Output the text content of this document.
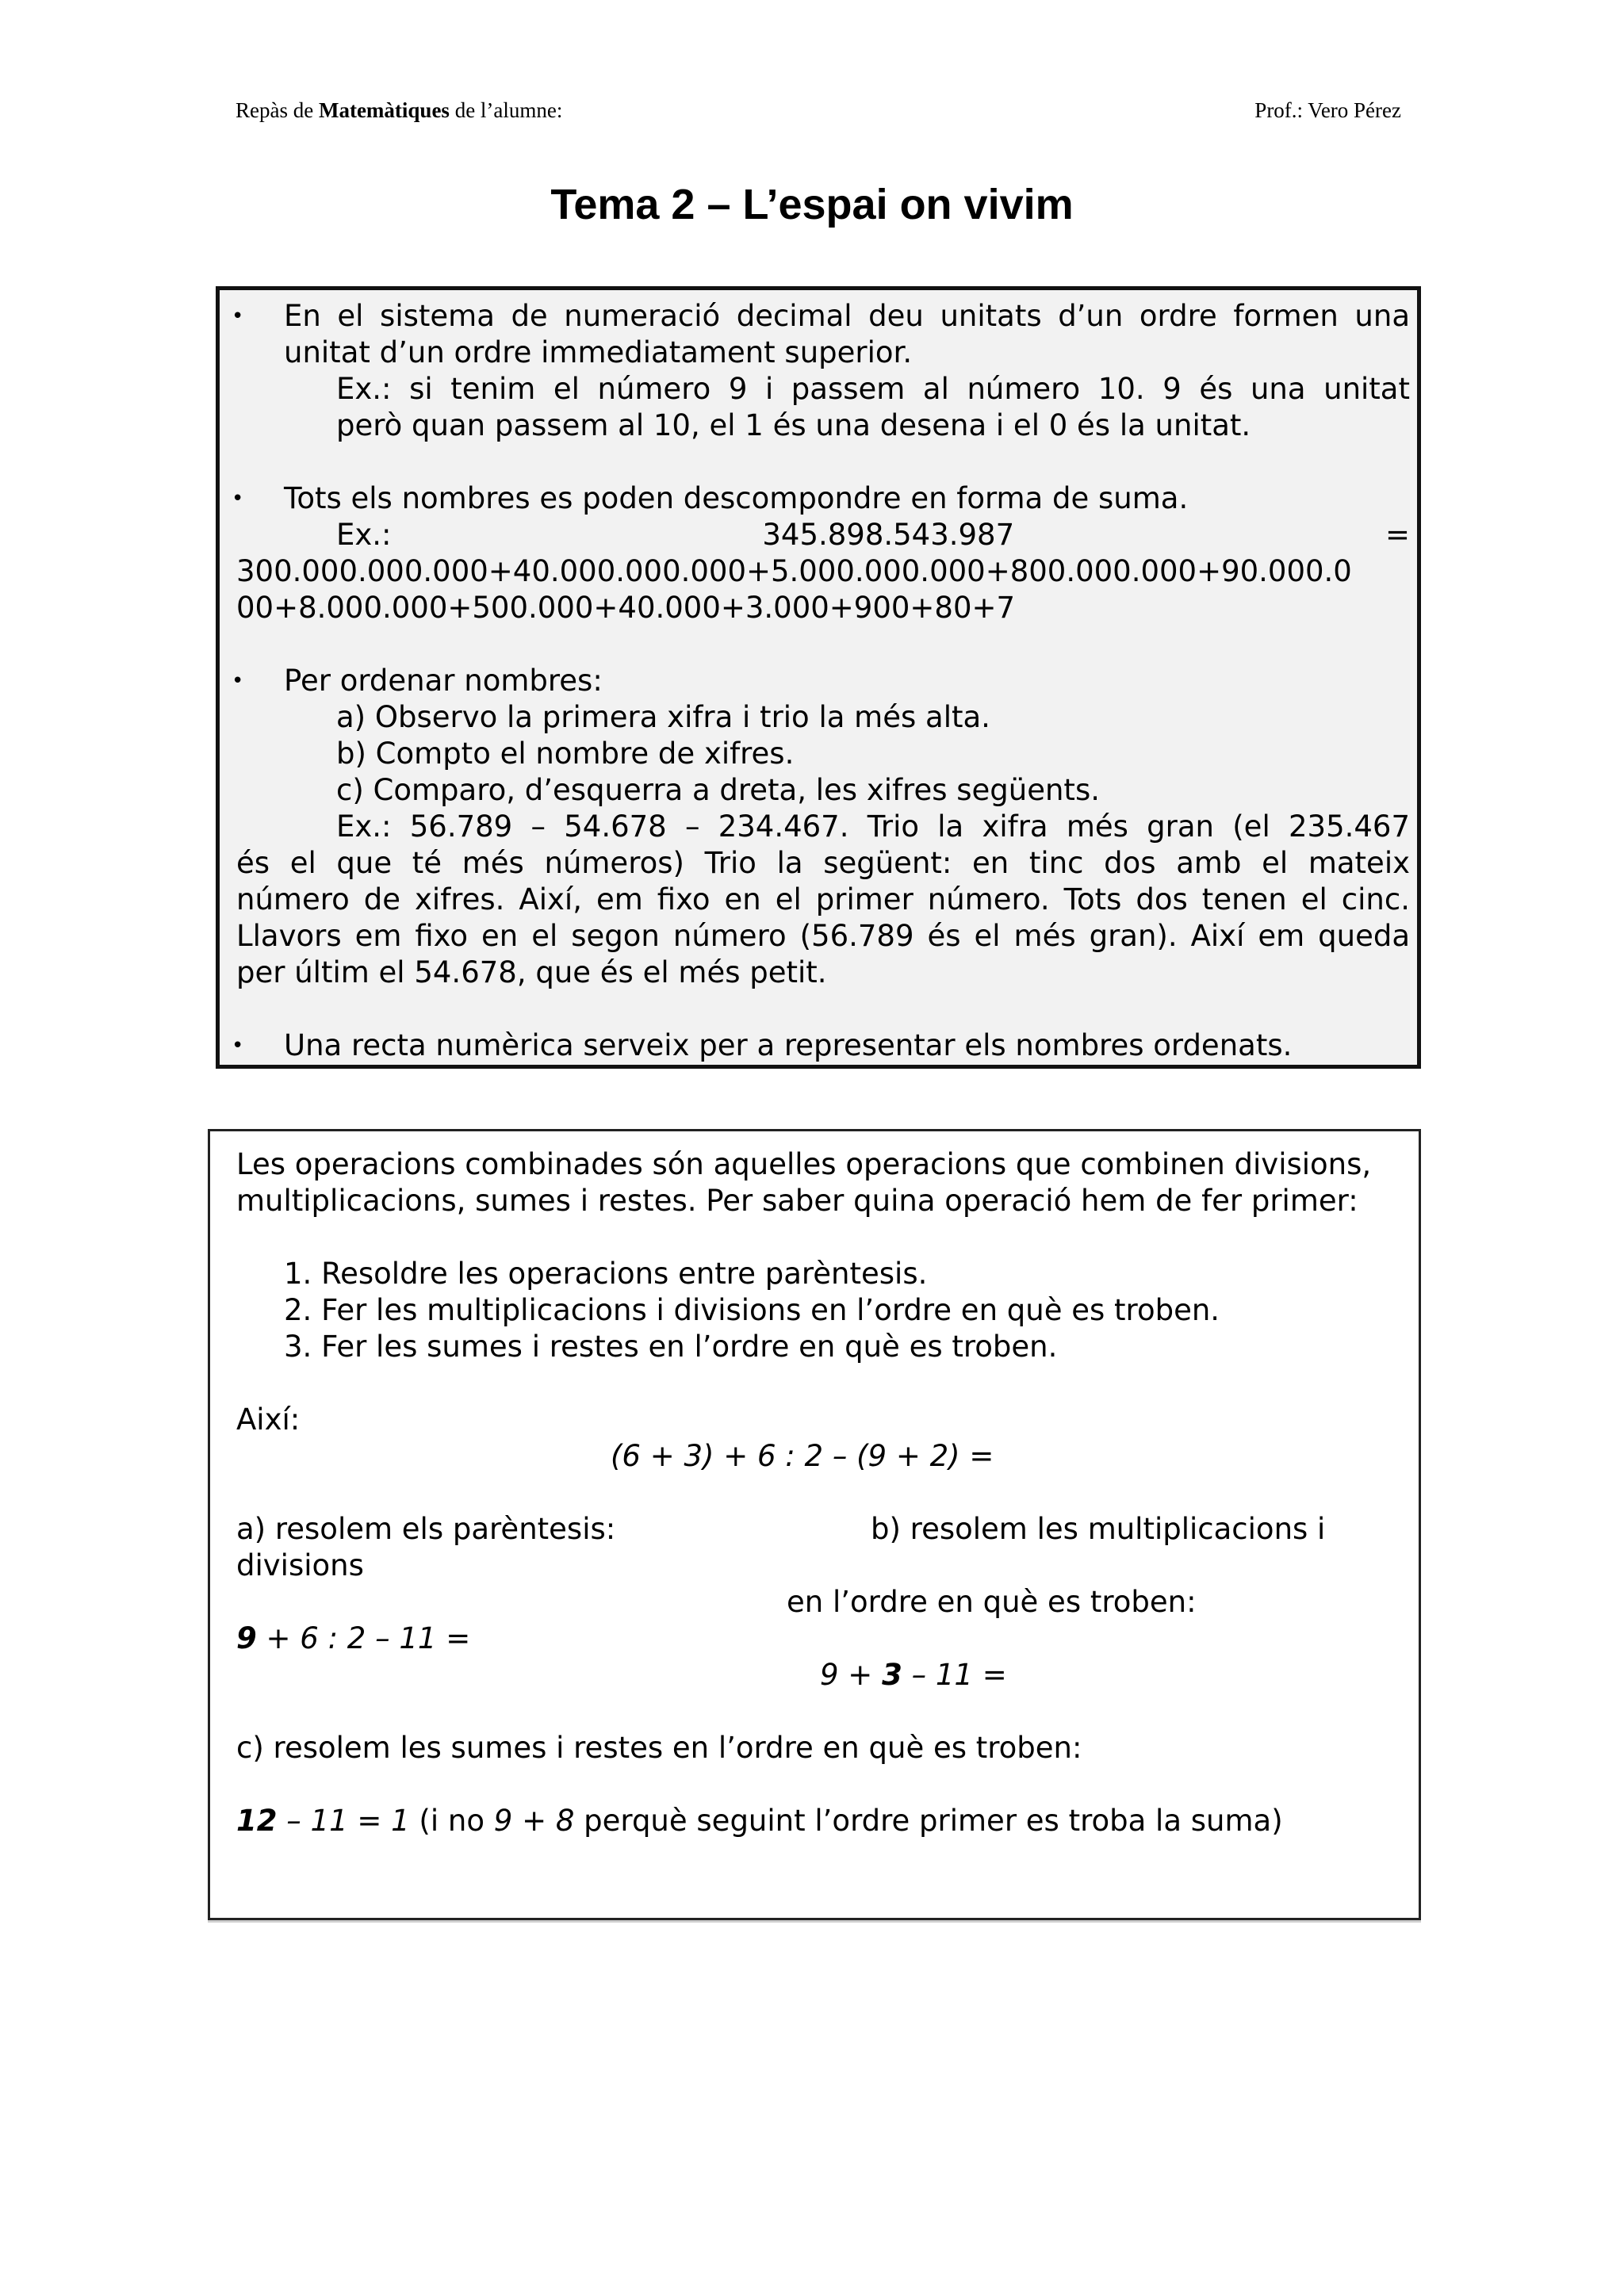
Repàs de Matemàtiques de l’alumne:	Prof.: Vero Pérez
Tema 2 – L’espai on vivim
• En el sistema de numeració decimal deu unitats d’un ordre formen una
unitat d’un ordre immediatament superior.
Ex.: si tenim el número 9 i passem al número 10. 9 és una unitat
però quan passem al 10, el 1 és una desena i el 0 és la unitat.
• Tots els nombres es poden descompondre en forma de suma.
Ex.:	345.898.543.987	=
300.000.000.000+40.000.000.000+5.000.000.000+800.000.000+90.000.0
00+8.000.000+500.000+40.000+3.000+900+80+7
• Per ordenar nombres:
a) Observo la primera xifra i trio la més alta.
b) Compto el nombre de xifres.
c) Comparo, d’esquerra a dreta, les xifres següents.
Ex.: 56.789 – 54.678 – 234.467. Trio la xifra més gran (el 235.467
és el que té més números) Trio la següent: en tinc dos amb el mateix
número de xifres. Així, em fixo en el primer número. Tots dos tenen el cinc.
Llavors em fixo en el segon número (56.789 és el més gran). Així em queda
per últim el 54.678, que és el més petit.
• Una recta numèrica serveix per a representar els nombres ordenats.
Les operacions combinades són aquelles operacions que combinen divisions,
multiplicacions, sumes i restes. Per saber quina operació hem de fer primer:
1. Resoldre les operacions entre parèntesis.
2. Fer les multiplicacions i divisions en l’ordre en què es troben.
3. Fer les sumes i restes en l’ordre en què es troben.
Així:
(6 + 3) + 6 : 2 – (9 + 2) =
a) resolem els parèntesis:	b) resolem les multiplicacions i
divisions
en l’ordre en què es troben:
9 + 6 : 2 – 11 =
9 + 3 – 11 =
c) resolem les sumes i restes en l’ordre en què es troben:
12 – 11 = 1 (i no 9 + 8 perquè seguint l’ordre primer es troba la suma)
